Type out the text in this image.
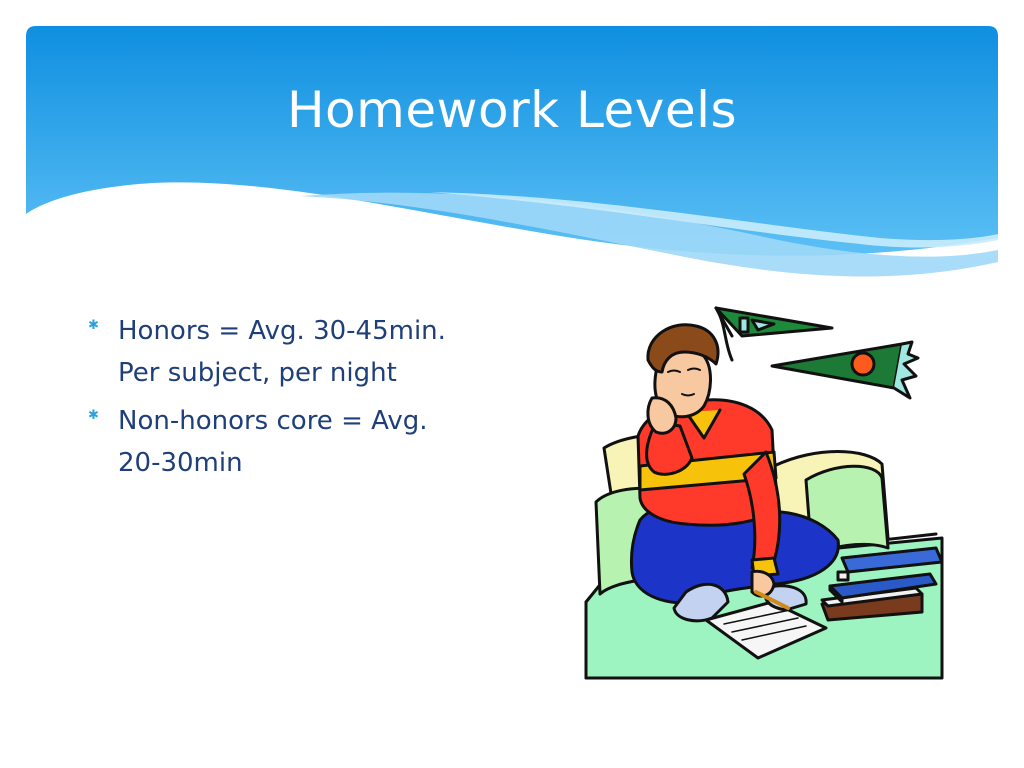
Homework Levels
✱ Honors = Avg. 30-45min.
Per subject, per night
✱ Non-honors core = Avg.
20-30min
